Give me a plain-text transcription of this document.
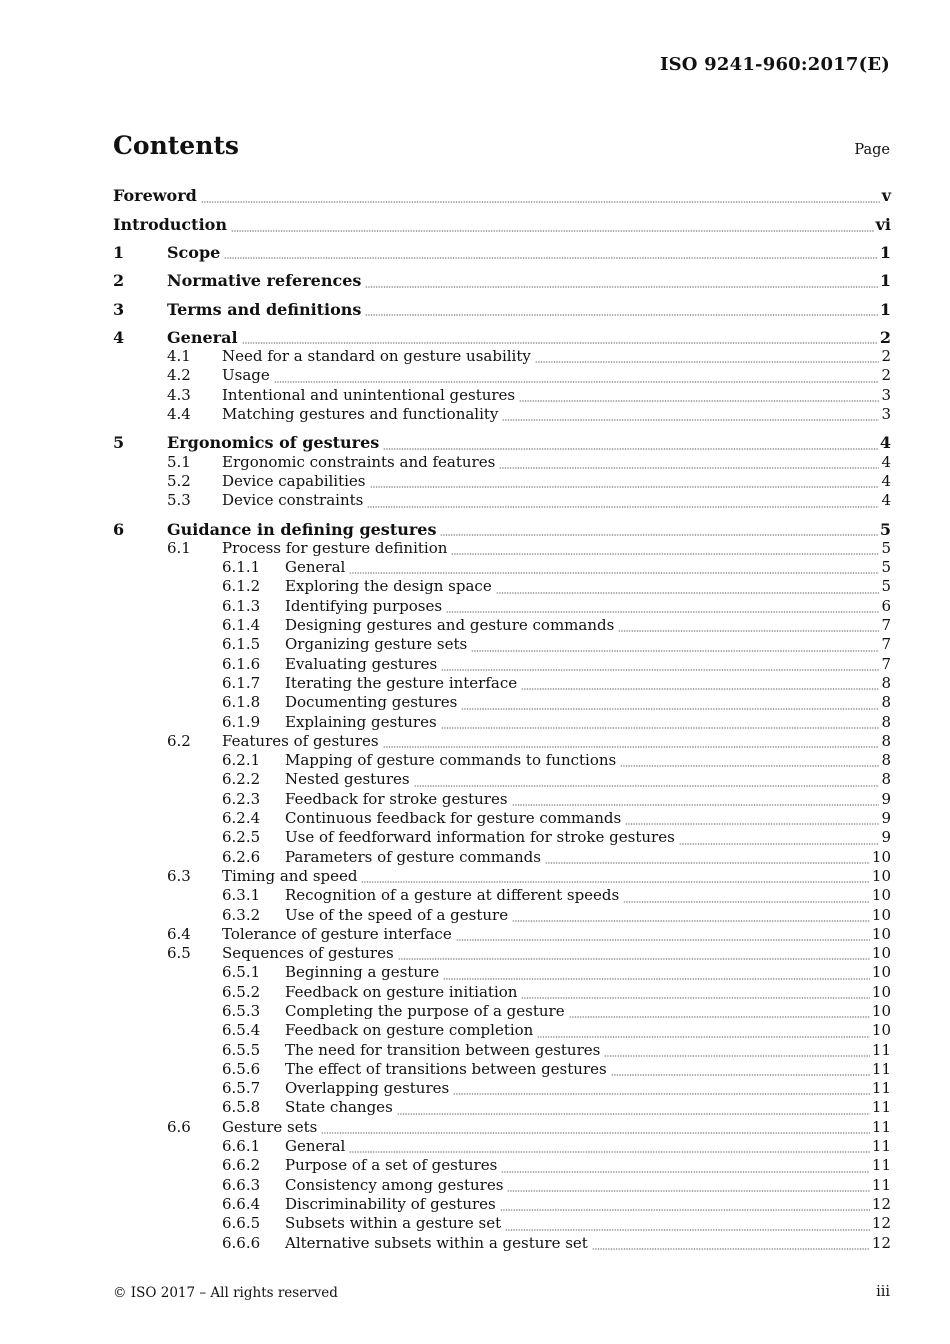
ISO 9241-960:2017(E)
Contents	Page
Foreword	v
Introduction	vi
1	Scope	1
2	Normative references	1
3	Terms and definitions	1
4	General	2
4.1 Need for a standard on gesture usability	2
4.2 Usage	2
4.3 Intentional and unintentional gestures	3
4.4 Matching gestures and functionality	3
5	Ergonomics of gestures	4
5.1 Ergonomic constraints and features	4
5.2 Device capabilities	4
5.3 Device constraints	4
6	Guidance in defining gestures	5
6.1 Process for gesture definition	5
6.1.1 General	5
6.1.2 Exploring the design space	5
6.1.3 Identifying purposes	6
6.1.4 Designing gestures and gesture commands	7
6.1.5 Organizing gesture sets	7
6.1.6 Evaluating gestures	7
6.1.7 Iterating the gesture interface	8
6.1.8 Documenting gestures	8
6.1.9 Explaining gestures	8
6.2 Features of gestures	8
6.2.1 Mapping of gesture commands to functions	8
6.2.2 Nested gestures	8
6.2.3 Feedback for stroke gestures	9
6.2.4 Continuous feedback for gesture commands	9
6.2.5 Use of feedforward information for stroke gestures	9
6.2.6 Parameters of gesture commands	10
6.3 Timing and speed	10
6.3.1 Recognition of a gesture at different speeds	10
6.3.2 Use of the speed of a gesture	10
6.4 Tolerance of gesture interface	10
6.5 Sequences of gestures	10
6.5.1 Beginning a gesture	10
6.5.2 Feedback on gesture initiation	10
6.5.3 Completing the purpose of a gesture	10
6.5.4 Feedback on gesture completion	10
6.5.5 The need for transition between gestures	11
6.5.6 The effect of transitions between gestures	11
6.5.7 Overlapping gestures	11
6.5.8 State changes	11
6.6 Gesture sets	11
6.6.1 General	11
6.6.2 Purpose of a set of gestures	11
6.6.3 Consistency among gestures	11
6.6.4 Discriminability of gestures	12
6.6.5 Subsets within a gesture set	12
6.6.6 Alternative subsets within a gesture set	12
© ISO 2017 – All rights reserved	iii
